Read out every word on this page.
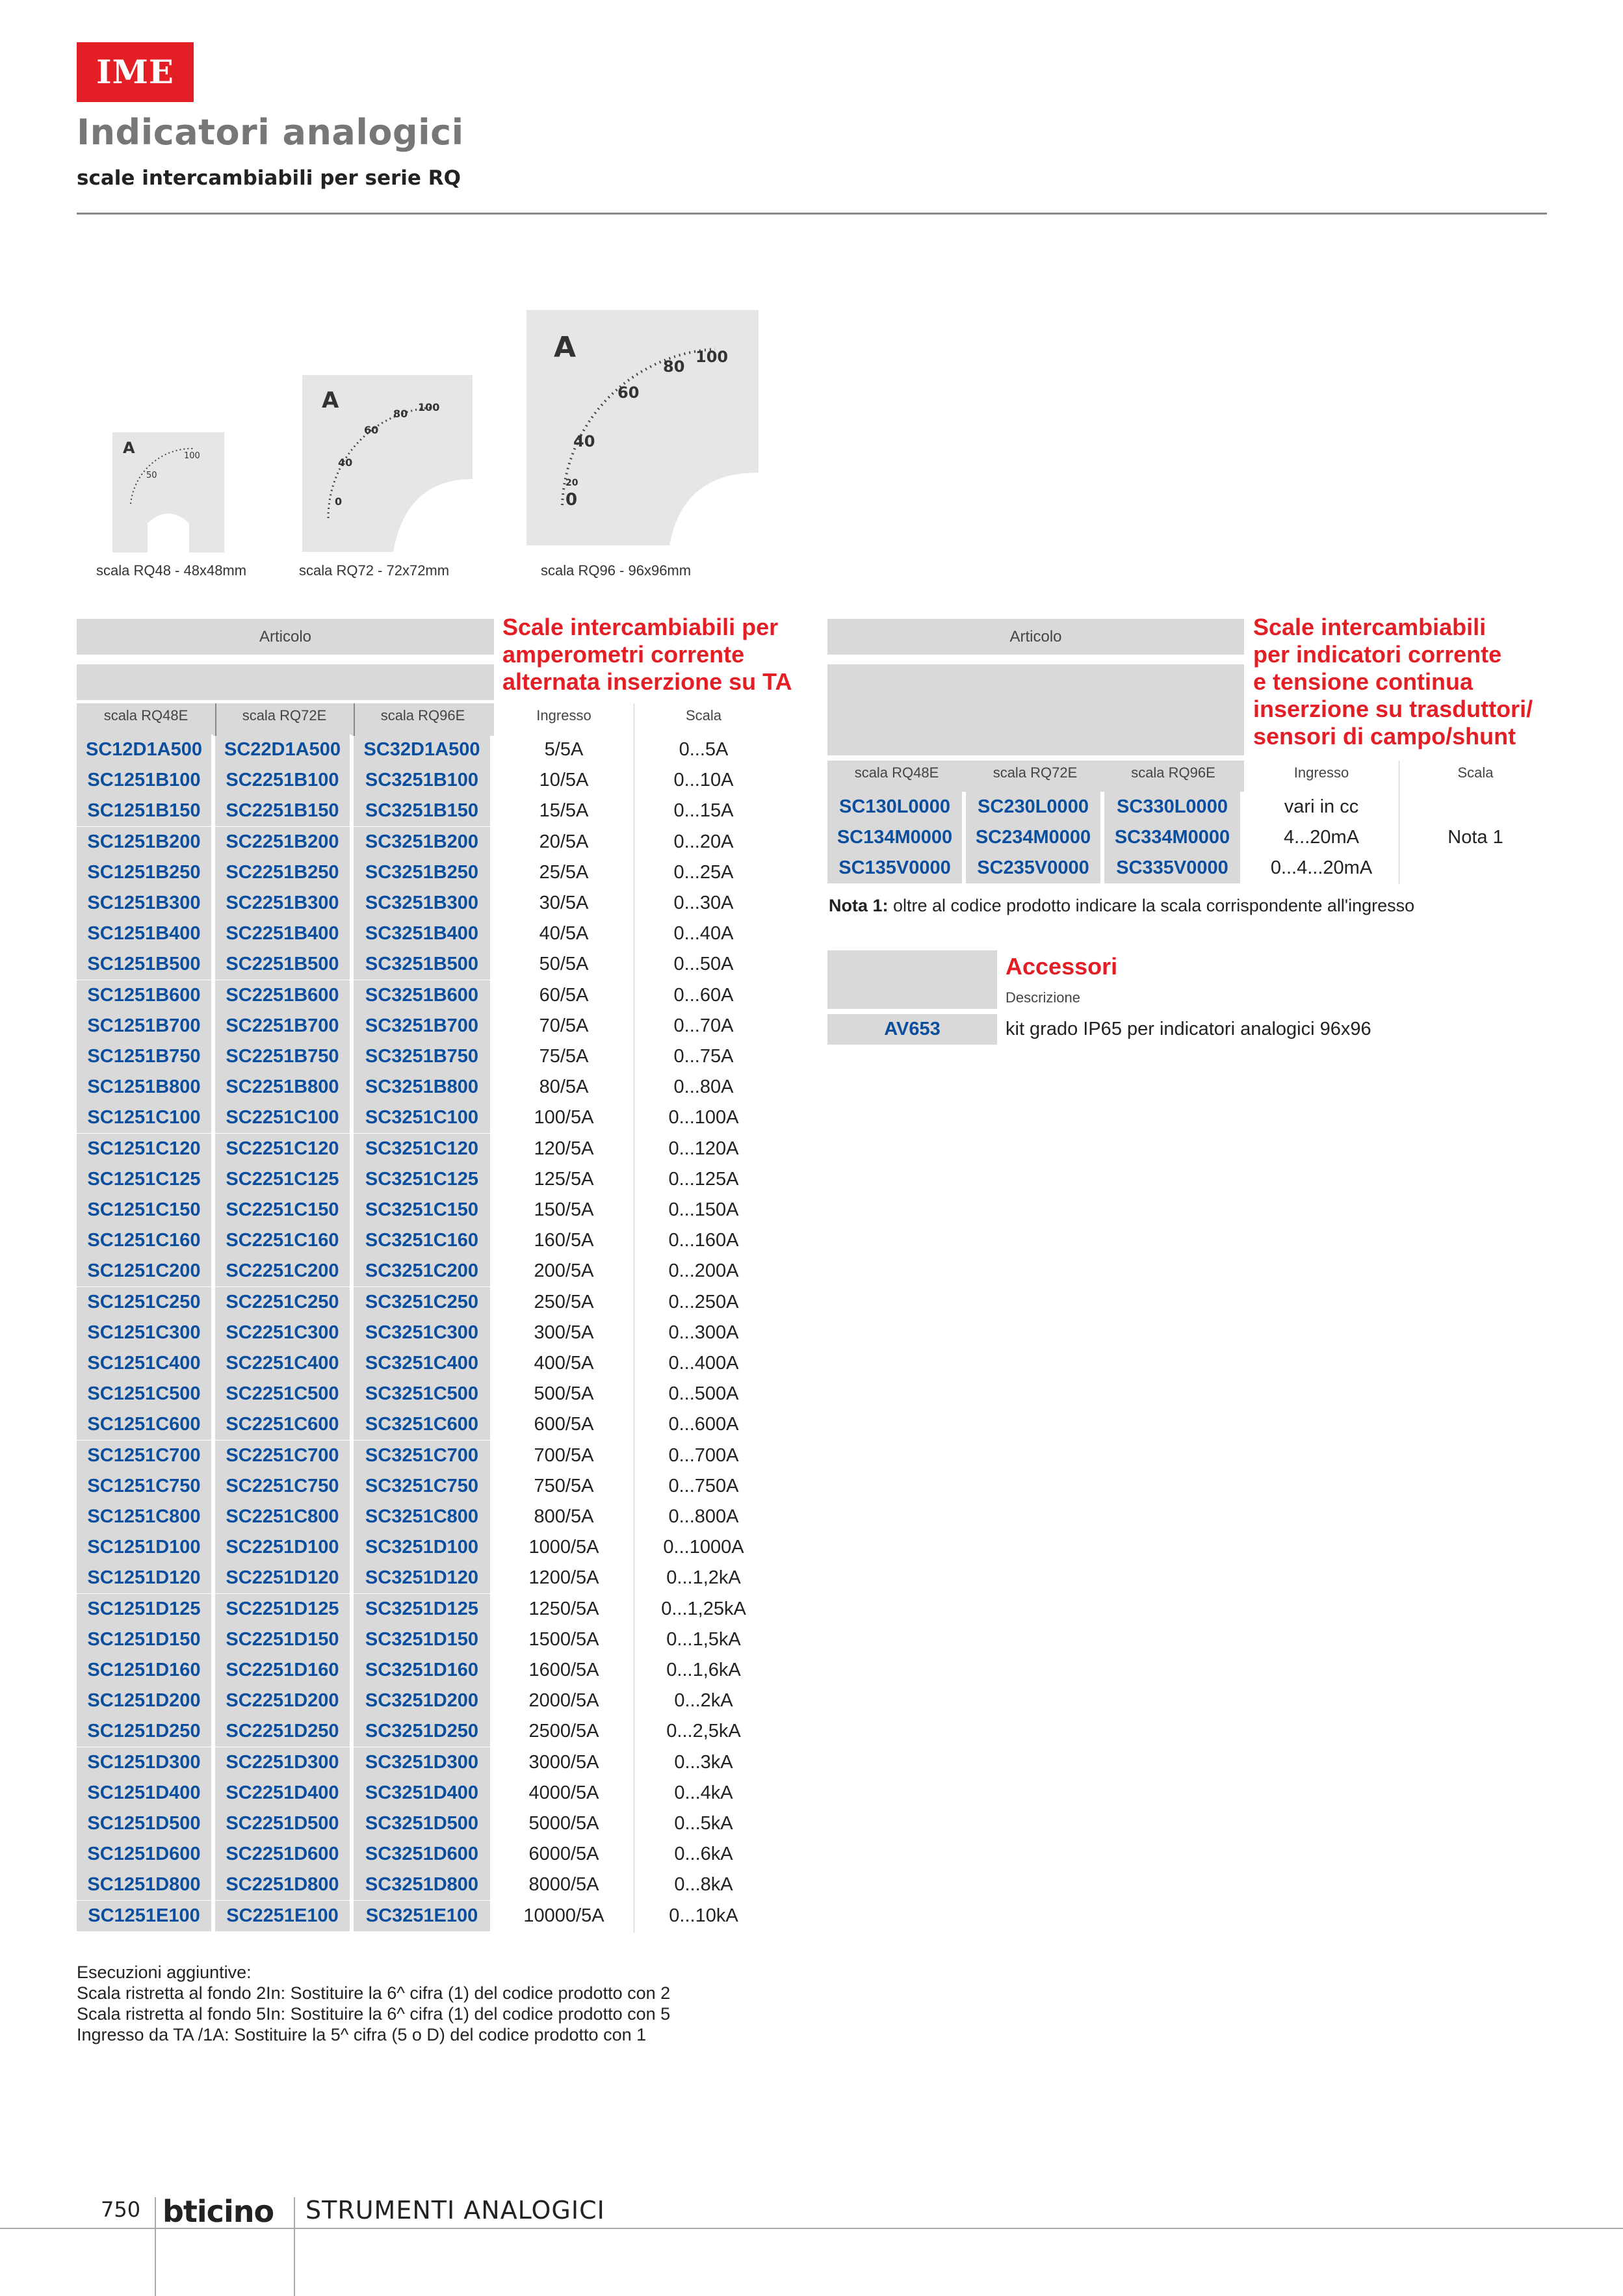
IME
Indicatori analogici
scale intercambiabili per serie RQ
A
50
100
A
0
40
60
80
100
A
0
20
40
60
80
100
scala RQ48 - 48x48mm	scala RQ72 - 72x72mm	scala RQ96 - 96x96mm
Articolo	Scale intercambiabili per amperometri corrente alternata inserzione su TA
scala RQ48E	scala RQ72E	scala RQ96E	Ingresso	Scala
SC12D1A500	SC22D1A500	SC32D1A500	5/5A	0...5A
SC1251B100	SC2251B100	SC3251B100	10/5A	0...10A
SC1251B150	SC2251B150	SC3251B150	15/5A	0...15A
SC1251B200	SC2251B200	SC3251B200	20/5A	0...20A
SC1251B250	SC2251B250	SC3251B250	25/5A	0...25A
SC1251B300	SC2251B300	SC3251B300	30/5A	0...30A
SC1251B400	SC2251B400	SC3251B400	40/5A	0...40A
SC1251B500	SC2251B500	SC3251B500	50/5A	0...50A
SC1251B600	SC2251B600	SC3251B600	60/5A	0...60A
SC1251B700	SC2251B700	SC3251B700	70/5A	0...70A
SC1251B750	SC2251B750	SC3251B750	75/5A	0...75A
SC1251B800	SC2251B800	SC3251B800	80/5A	0...80A
SC1251C100	SC2251C100	SC3251C100	100/5A	0...100A
SC1251C120	SC2251C120	SC3251C120	120/5A	0...120A
SC1251C125	SC2251C125	SC3251C125	125/5A	0...125A
SC1251C150	SC2251C150	SC3251C150	150/5A	0...150A
SC1251C160	SC2251C160	SC3251C160	160/5A	0...160A
SC1251C200	SC2251C200	SC3251C200	200/5A	0...200A
SC1251C250	SC2251C250	SC3251C250	250/5A	0...250A
SC1251C300	SC2251C300	SC3251C300	300/5A	0...300A
SC1251C400	SC2251C400	SC3251C400	400/5A	0...400A
SC1251C500	SC2251C500	SC3251C500	500/5A	0...500A
SC1251C600	SC2251C600	SC3251C600	600/5A	0...600A
SC1251C700	SC2251C700	SC3251C700	700/5A	0...700A
SC1251C750	SC2251C750	SC3251C750	750/5A	0...750A
SC1251C800	SC2251C800	SC3251C800	800/5A	0...800A
SC1251D100	SC2251D100	SC3251D100	1000/5A	0...1000A
SC1251D120	SC2251D120	SC3251D120	1200/5A	0...1,2kA
SC1251D125	SC2251D125	SC3251D125	1250/5A	0...1,25kA
SC1251D150	SC2251D150	SC3251D150	1500/5A	0...1,5kA
SC1251D160	SC2251D160	SC3251D160	1600/5A	0...1,6kA
SC1251D200	SC2251D200	SC3251D200	2000/5A	0...2kA
SC1251D250	SC2251D250	SC3251D250	2500/5A	0...2,5kA
SC1251D300	SC2251D300	SC3251D300	3000/5A	0...3kA
SC1251D400	SC2251D400	SC3251D400	4000/5A	0...4kA
SC1251D500	SC2251D500	SC3251D500	5000/5A	0...5kA
SC1251D600	SC2251D600	SC3251D600	6000/5A	0...6kA
SC1251D800	SC2251D800	SC3251D800	8000/5A	0...8kA
SC1251E100	SC2251E100	SC3251E100	10000/5A	0...10kA
Articolo	Scale intercambiabili
per indicatori corrente
e tensione continua
inserzione su trasduttori/
sensori di campo/shunt
scala RQ48E	scala RQ72E	scala RQ96E	Ingresso	Scala
SC130L0000	SC230L0000	SC330L0000	vari in cc
SC134M0000	SC234M0000	SC334M0000	4...20mA	Nota 1
SC135V0000	SC235V0000	SC335V0000	0...4...20mA
Nota 1: oltre al codice prodotto indicare la scala corrispondente all'ingresso
Accessori
Descrizione
AV653	kit grado IP65 per indicatori analogici 96x96
Esecuzioni aggiuntive:
Scala ristretta al fondo 2In: Sostituire la 6^ cifra (1) del codice prodotto con 2
Scala ristretta al fondo 5In: Sostituire la 6^ cifra (1) del codice prodotto con 5
Ingresso da TA /1A: Sostituire la 5^ cifra (5 o D) del codice prodotto con 1
750 bticino STRUMENTI ANALOGICI
